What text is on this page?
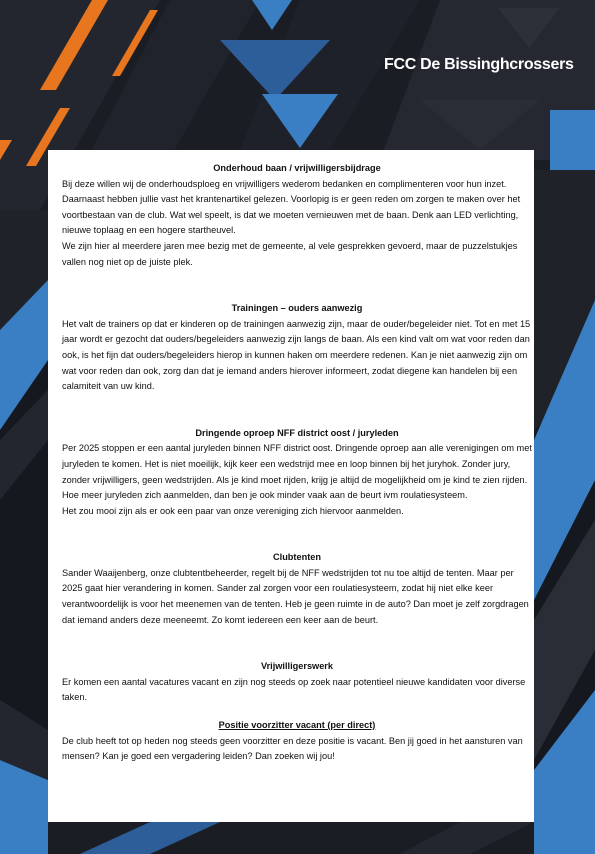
FCC De Bissinghcrossers
Onderhoud baan / vrijwilligersbijdrage

Bij deze willen wij de onderhoudsploeg en vrijwilligers wederom bedanken en complimenteren voor hun inzet.

Daarnaast hebben jullie vast het krantenartikel gelezen. Voorlopig is er geen reden om zorgen te maken over het voortbestaan van de club. Wat wel speelt, is dat we moeten vernieuwen met de baan. Denk aan LED verlichting, nieuwe toplaag en een hogere startheuvel.

We zijn hier al meerdere jaren mee bezig met de gemeente, al vele gesprekken gevoerd, maar de puzzelstukjes vallen nog niet op de juiste plek.

Trainingen – ouders aanwezig

Het valt de trainers op dat er kinderen op de trainingen aanwezig zijn, maar de ouder/begeleider niet. Tot en met 15 jaar wordt er gezocht dat ouders/begeleiders aanwezig zijn langs de baan. Als een kind valt om wat voor reden dan ook, is het fijn dat ouders/begeleiders hierop in kunnen haken om meerdere redenen. Kan je niet aanwezig zijn om wat voor reden dan ook, zorg dan dat je iemand anders hierover informeert, zodat diegene kan handelen bij een calamiteit van uw kind.

Dringende oproep NFF district oost / juryleden

Per 2025 stoppen er een aantal juryleden binnen NFF district oost. Dringende oproep aan alle verenigingen om met juryleden te komen. Het is niet moeilijk, kijk keer een wedstrijd mee en loop binnen bij het juryhok. Zonder jury, zonder vrijwilligers, geen wedstrijden. Als je kind moet rijden, krijg je altijd de mogelijkheid om je kind te zien rijden. Hoe meer juryleden zich aanmelden, dan ben je ook minder vaak aan de beurt ivm roulatiesysteem.

Het zou mooi zijn als er ook een paar van onze vereniging zich hiervoor aanmelden.

Clubtenten

Sander Waaijenberg, onze clubtentbeheerder, regelt bij de NFF wedstrijden tot nu toe altijd de tenten. Maar per 2025 gaat hier verandering in komen. Sander zal zorgen voor een roulatiesysteem, zodat hij niet elke keer verantwoordelijk is voor het meenemen van de tenten. Heb je geen ruimte in de auto? Dan moet je zelf zorgdragen dat iemand anders deze meeneemt. Zo komt iedereen een keer aan de beurt.

Vrijwilligerswerk

Er komen een aantal vacatures vacant en zijn nog steeds op zoek naar potentieel nieuwe kandidaten voor diverse taken.

Positie voorzitter vacant (per direct)

De club heeft tot op heden nog steeds geen voorzitter en deze positie is vacant. Ben jij goed in het aansturen van mensen? Kan je goed een vergadering leiden? Dan zoeken wij jou!
